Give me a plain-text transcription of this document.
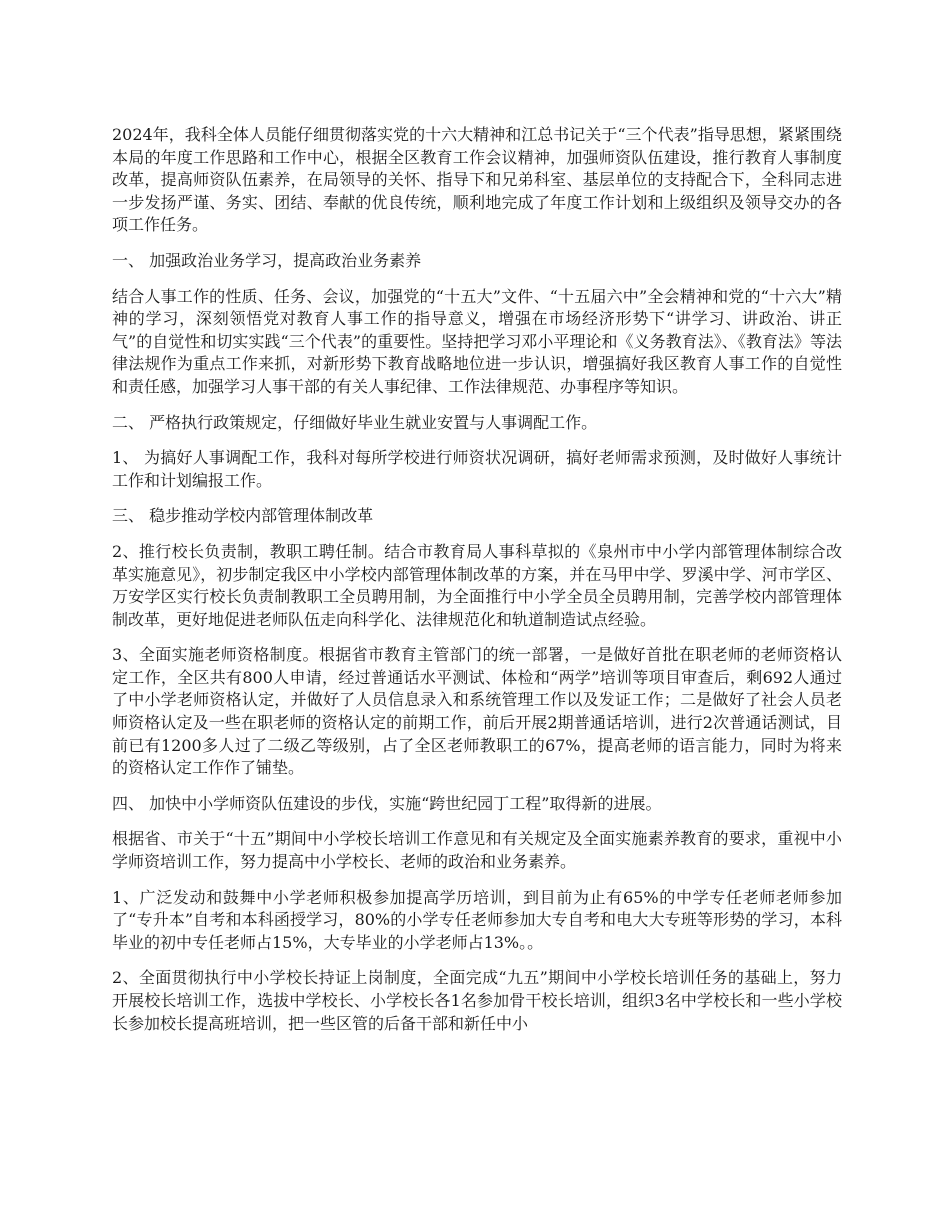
2024年，我科全体人员能仔细贯彻落实党的十六大精神和江总书记关于“三个代表”指导思想，紧紧围绕本局的年度工作思路和工作中心，根据全区教育工作会议精神，加强师资队伍建设，推行教育人事制度改革，提高师资队伍素养，在局领导的关怀、指导下和兄弟科室、基层单位的支持配合下，全科同志进一步发扬严谨、务实、团结、奉献的优良传统，顺利地完成了年度工作计划和上级组织及领导交办的各项工作任务。

一、 加强政治业务学习，提高政治业务素养

结合人事工作的性质、任务、会议，加强党的“十五大”文件、“十五届六中”全会精神和党的“十六大”精神的学习，深刻领悟党对教育人事工作的指导意义，增强在市场经济形势下“讲学习、讲政治、讲正气”的自觉性和切实实践“三个代表”的重要性。坚持把学习邓小平理论和《义务教育法》、《教育法》等法律法规作为重点工作来抓，对新形势下教育战略地位进一步认识，增强搞好我区教育人事工作的自觉性和责任感，加强学习人事干部的有关人事纪律、工作法律规范、办事程序等知识。

二、 严格执行政策规定，仔细做好毕业生就业安置与人事调配工作。

1、 为搞好人事调配工作，我科对每所学校进行师资状况调研，搞好老师需求预测，及时做好人事统计工作和计划编报工作。

三、 稳步推动学校内部管理体制改革

2、推行校长负责制，教职工聘任制。结合市教育局人事科草拟的《泉州市中小学内部管理体制综合改革实施意见》，初步制定我区中小学校内部管理体制改革的方案，并在马甲中学、罗溪中学、河市学区、万安学区实行校长负责制教职工全员聘用制，为全面推行中小学全员全员聘用制，完善学校内部管理体制改革，更好地促进老师队伍走向科学化、法律规范化和轨道制造试点经验。

3、全面实施老师资格制度。根据省市教育主管部门的统一部署，一是做好首批在职老师的老师资格认定工作，全区共有800人申请，经过普通话水平测试、体检和“两学”培训等项目审查后，剩692人通过了中小学老师资格认定，并做好了人员信息录入和系统管理工作以及发证工作；二是做好了社会人员老师资格认定及一些在职老师的资格认定的前期工作，前后开展2期普通话培训，进行2次普通话测试，目前已有1200多人过了二级乙等级别，占了全区老师教职工的67%，提高老师的语言能力，同时为将来的资格认定工作作了铺垫。

四、 加快中小学师资队伍建设的步伐，实施“跨世纪园丁工程”取得新的进展。

根据省、市关于“十五”期间中小学校长培训工作意见和有关规定及全面实施素养教育的要求，重视中小学师资培训工作，努力提高中小学校长、老师的政治和业务素养。

1、广泛发动和鼓舞中小学老师积极参加提高学历培训，到目前为止有65%的中学专任老师老师参加了“专升本”自考和本科函授学习，80%的小学专任老师参加大专自考和电大大专班等形势的学习，本科毕业的初中专任老师占15%，大专毕业的小学老师占13%。。

2、全面贯彻执行中小学校长持证上岗制度，全面完成“九五”期间中小学校长培训任务的基础上，努力开展校长培训工作，选拔中学校长、小学校长各1名参加骨干校长培训，组织3名中学校长和一些小学校长参加校长提高班培训，把一些区管的后备干部和新任中小
